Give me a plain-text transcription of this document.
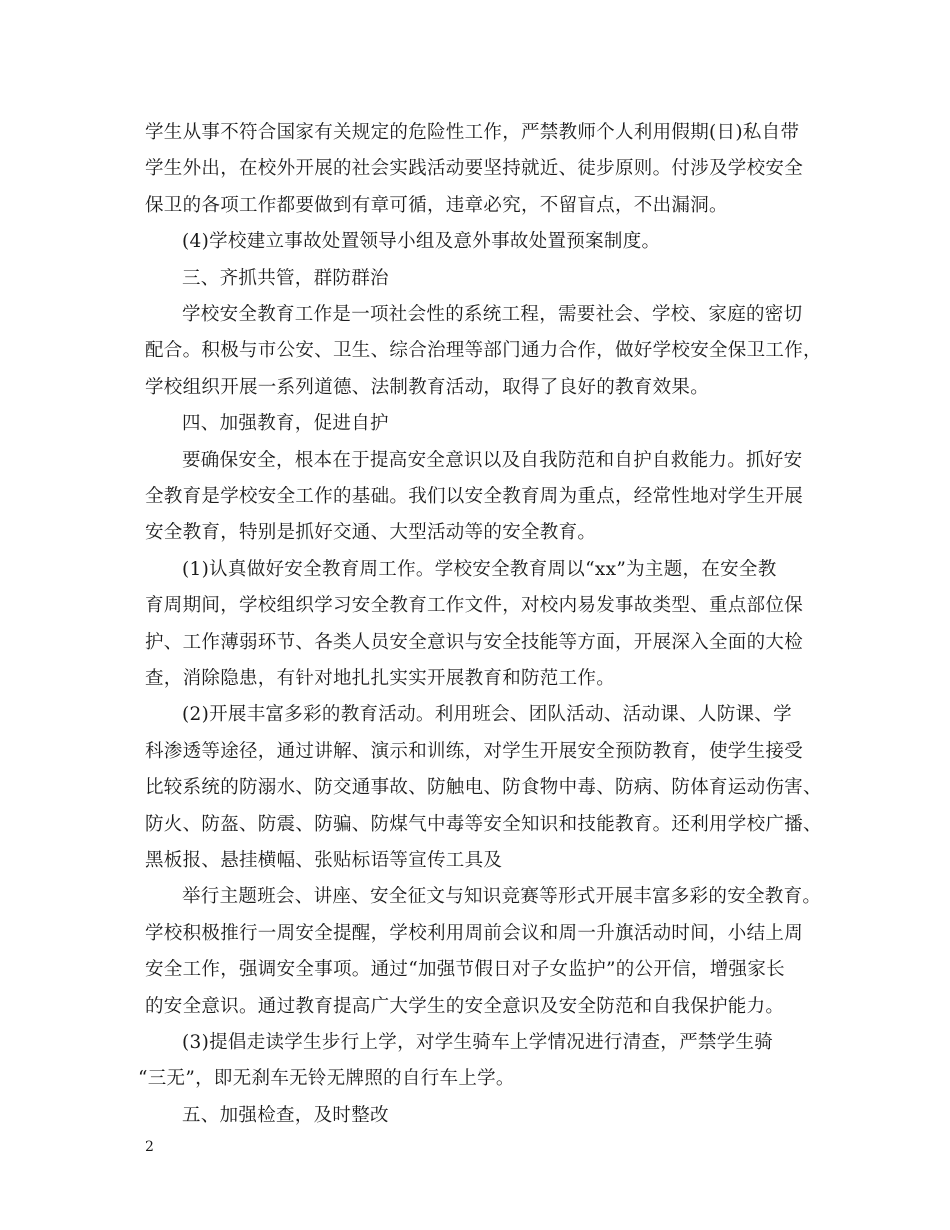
学生从事不符合国家有关规定的危险性工作，严禁教师个人利用假期(日)私自带
学生外出，在校外开展的社会实践活动要坚持就近、徒步原则。付涉及学校安全
保卫的各项工作都要做到有章可循，违章必究，不留盲点，不出漏洞。
(4)学校建立事故处置领导小组及意外事故处置预案制度。
三、齐抓共管，群防群治
学校安全教育工作是一项社会性的系统工程，需要社会、学校、家庭的密切
配合。积极与市公安、卫生、综合治理等部门通力合作，做好学校安全保卫工作，
学校组织开展一系列道德、法制教育活动，取得了良好的教育效果。
四、加强教育，促进自护
要确保安全，根本在于提高安全意识以及自我防范和自护自救能力。抓好安
全教育是学校安全工作的基础。我们以安全教育周为重点，经常性地对学生开展
安全教育，特别是抓好交通、大型活动等的安全教育。
(1)认真做好安全教育周工作。学校安全教育周以“xx”为主题，在安全教
育周期间，学校组织学习安全教育工作文件，对校内易发事故类型、重点部位保
护、工作薄弱环节、各类人员安全意识与安全技能等方面，开展深入全面的大检
查，消除隐患，有针对地扎扎实实开展教育和防范工作。
(2)开展丰富多彩的教育活动。利用班会、团队活动、活动课、人防课、学
科渗透等途径，通过讲解、演示和训练，对学生开展安全预防教育，使学生接受
比较系统的防溺水、防交通事故、防触电、防食物中毒、防病、防体育运动伤害、
防火、防盔、防震、防骗、防煤气中毒等安全知识和技能教育。还利用学校广播、
黑板报、悬挂横幅、张贴标语等宣传工具及
举行主题班会、讲座、安全征文与知识竞赛等形式开展丰富多彩的安全教育。
学校积极推行一周安全提醒，学校利用周前会议和周一升旗活动时间，小结上周
安全工作，强调安全事项。通过“加强节假日对子女监护”的公开信，增强家长
的安全意识。通过教育提高广大学生的安全意识及安全防范和自我保护能力。
(3)提倡走读学生步行上学，对学生骑车上学情况进行清查，严禁学生骑
“三无”，即无刹车无铃无牌照的自行车上学。
五、加强检查，及时整改
2
